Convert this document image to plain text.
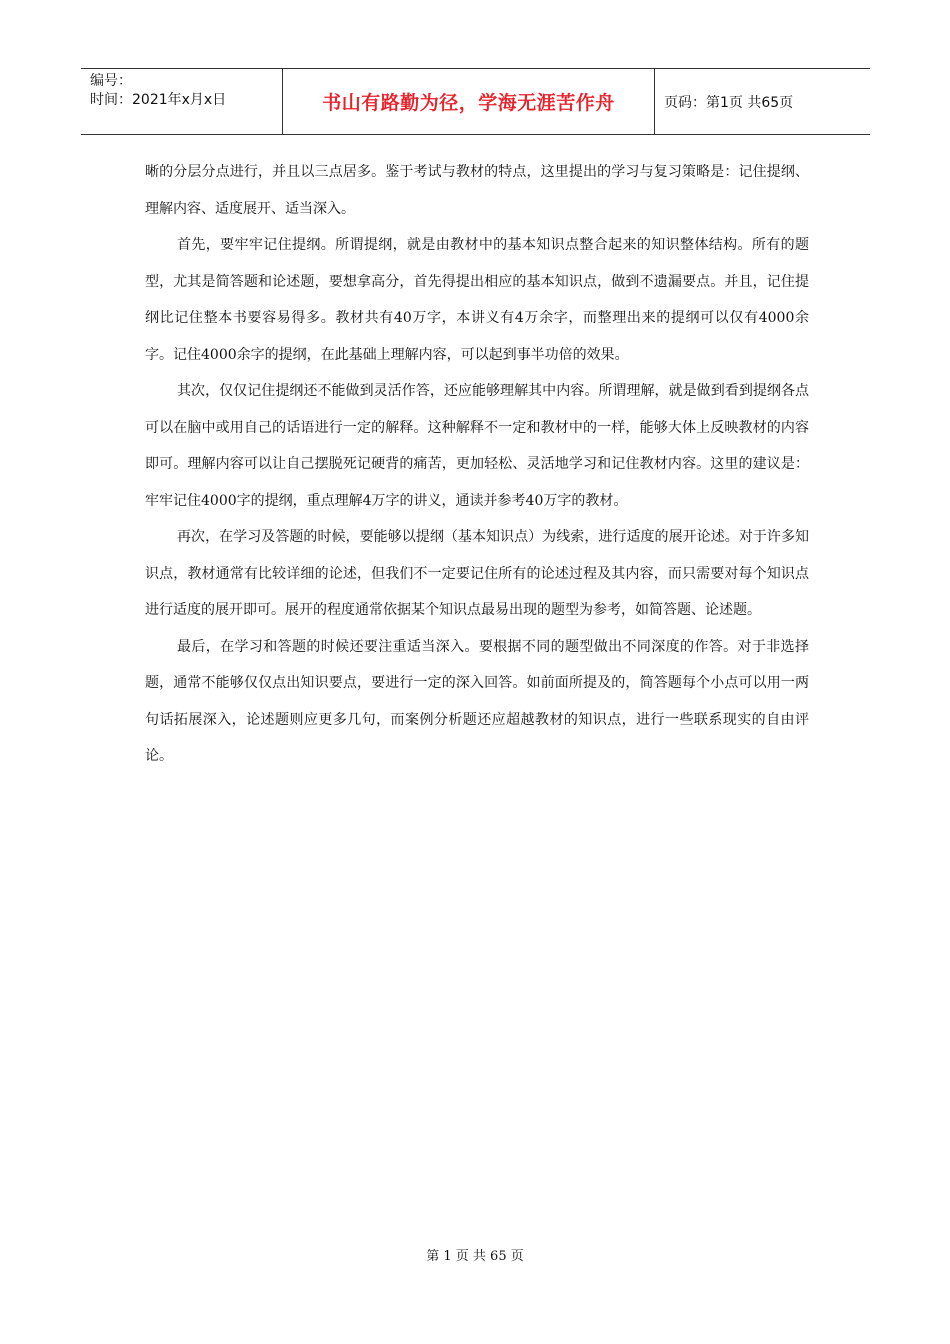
编号：
时间：2021年x月x日	书山有路勤为径，学海无涯苦作舟	页码：第1页 共65页

晰的分层分点进行，并且以三点居多。鉴于考试与教材的特点，这里提出的学习与复习策略是：记住提纲、理解内容、适度展开、适当深入。

首先，要牢牢记住提纲。所谓提纲，就是由教材中的基本知识点整合起来的知识整体结构。所有的题型，尤其是简答题和论述题，要想拿高分，首先得提出相应的基本知识点，做到不遗漏要点。并且，记住提纲比记住整本书要容易得多。教材共有40万字，本讲义有4万余字，而整理出来的提纲可以仅有4000余字。记住4000余字的提纲，在此基础上理解内容，可以起到事半功倍的效果。

其次，仅仅记住提纲还不能做到灵活作答，还应能够理解其中内容。所谓理解，就是做到看到提纲各点可以在脑中或用自己的话语进行一定的解释。这种解释不一定和教材中的一样，能够大体上反映教材的内容即可。理解内容可以让自己摆脱死记硬背的痛苦，更加轻松、灵活地学习和记住教材内容。这里的建议是：牢牢记住4000字的提纲，重点理解4万字的讲义，通读并参考40万字的教材。

再次，在学习及答题的时候，要能够以提纲（基本知识点）为线索，进行适度的展开论述。对于许多知识点，教材通常有比较详细的论述，但我们不一定要记住所有的论述过程及其内容，而只需要对每个知识点进行适度的展开即可。展开的程度通常依据某个知识点最易出现的题型为参考，如简答题、论述题。

最后，在学习和答题的时候还要注重适当深入。要根据不同的题型做出不同深度的作答。对于非选择题，通常不能够仅仅点出知识要点，要进行一定的深入回答。如前面所提及的，简答题每个小点可以用一两句话拓展深入，论述题则应更多几句，而案例分析题还应超越教材的知识点，进行一些联系现实的自由评论。

第 1 页 共 65 页
